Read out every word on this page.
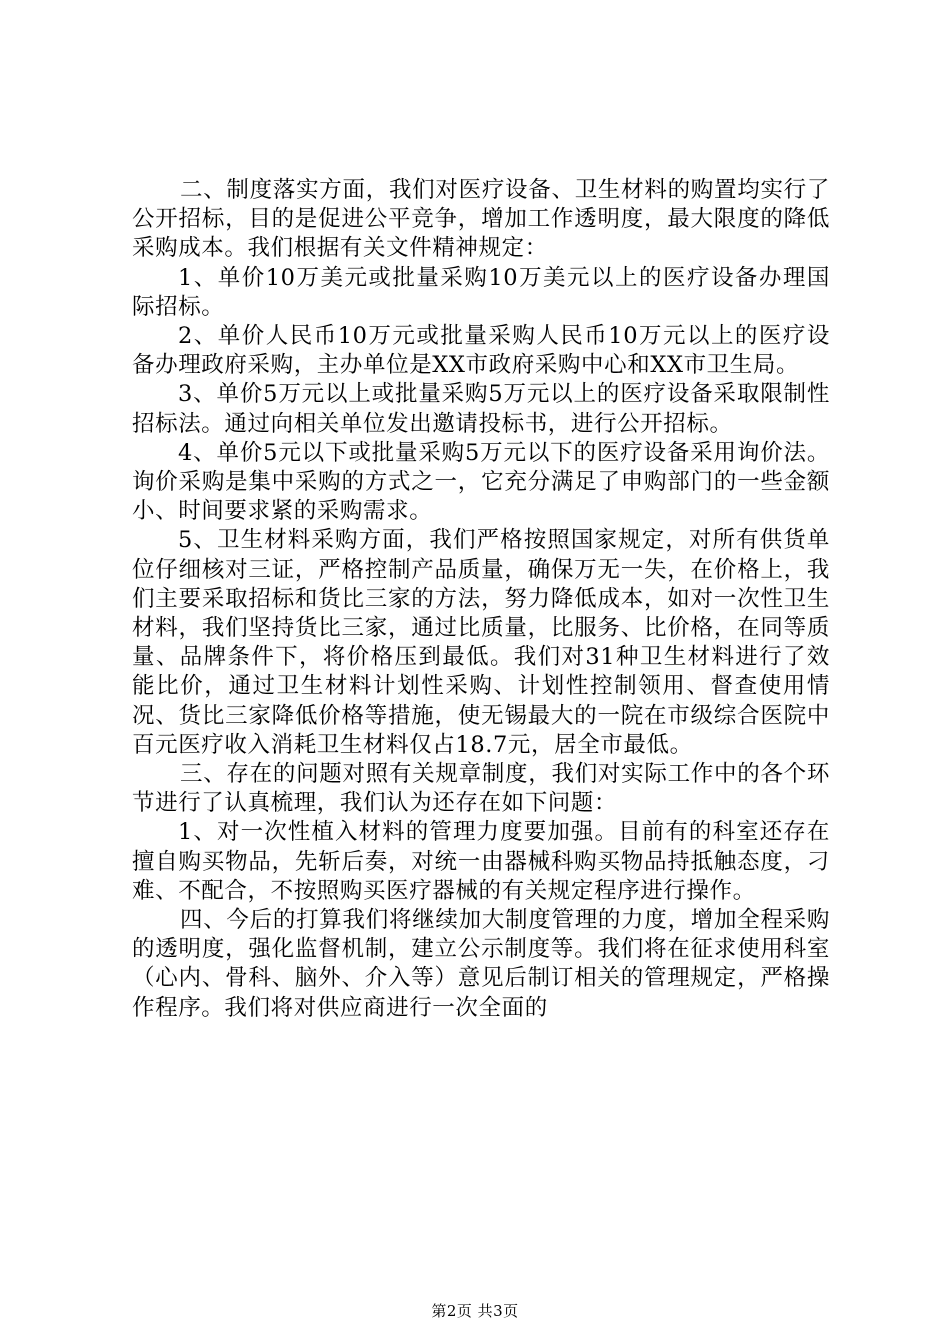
二、制度落实方面，我们对医疗设备、卫生材料的购置均实行了公开招标，目的是促进公平竞争，增加工作透明度，最大限度的降低采购成本。我们根据有关文件精神规定：

1、单价10万美元或批量采购10万美元以上的医疗设备办理国际招标。

2、单价人民币10万元或批量采购人民币10万元以上的医疗设备办理政府采购，主办单位是XX市政府采购中心和XX市卫生局。

3、单价5万元以上或批量采购5万元以上的医疗设备采取限制性招标法。通过向相关单位发出邀请投标书，进行公开招标。

4、单价5元以下或批量采购5万元以下的医疗设备采用询价法。询价采购是集中采购的方式之一，它充分满足了申购部门的一些金额小、时间要求紧的采购需求。

5、卫生材料采购方面，我们严格按照国家规定，对所有供货单位仔细核对三证，严格控制产品质量，确保万无一失，在价格上，我们主要采取招标和货比三家的方法，努力降低成本，如对一次性卫生材料，我们坚持货比三家，通过比质量，比服务、比价格，在同等质量、品牌条件下，将价格压到最低。我们对31种卫生材料进行了效能比价，通过卫生材料计划性采购、计划性控制领用、督查使用情况、货比三家降低价格等措施，使无锡最大的一院在市级综合医院中百元医疗收入消耗卫生材料仅占18.7元，居全市最低。

三、存在的问题对照有关规章制度，我们对实际工作中的各个环节进行了认真梳理，我们认为还存在如下问题：

1、对一次性植入材料的管理力度要加强。目前有的科室还存在擅自购买物品，先斩后奏，对统一由器械科购买物品持抵触态度，刁难、不配合，不按照购买医疗器械的有关规定程序进行操作。

四、今后的打算我们将继续加大制度管理的力度，增加全程采购的透明度，强化监督机制，建立公示制度等。我们将在征求使用科室（心内、骨科、脑外、介入等）意见后制订相关的管理规定，严格操作程序。我们将对供应商进行一次全面的

第2页 共3页
